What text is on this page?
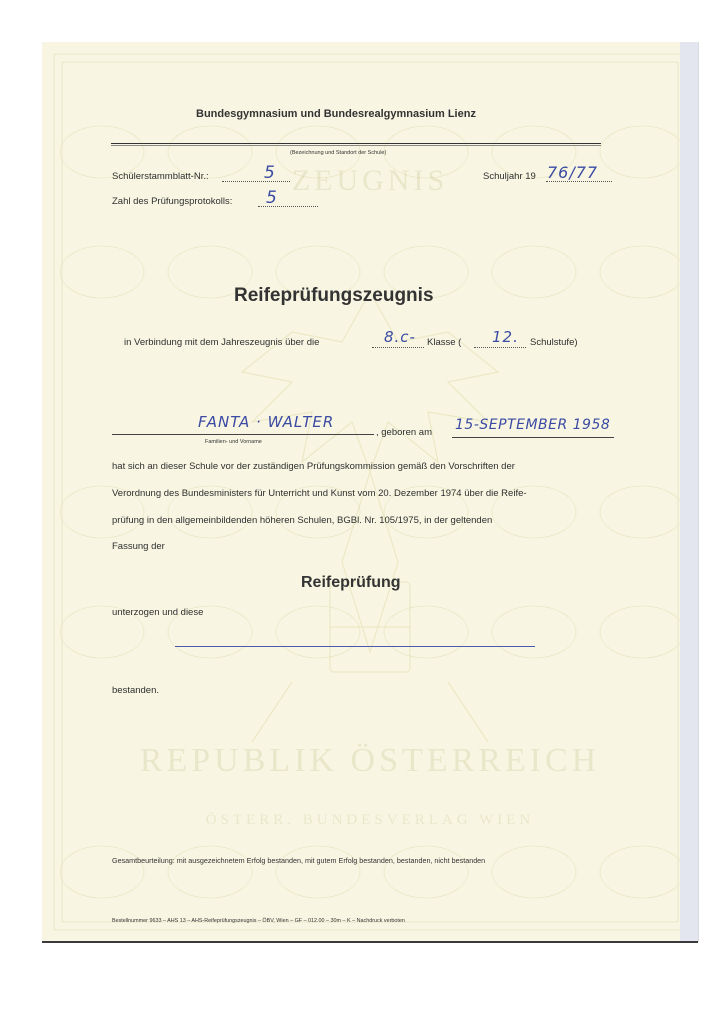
ZEUGNIS
REPUBLIK ÖSTERREICH
ÖSTERR. BUNDESVERLAG WIEN
Bundesgymnasium und Bundesrealgymnasium Lienz
(Bezeichnung und Standort der Schule)
Schülerstammblatt-Nr.:	5	Schuljahr 19 76/77
Zahl des Prüfungsprotokolls: 5
Reifeprüfungszeugnis
in Verbindung mit dem Jahreszeugnis über die	8.c- Klasse ( 12. Schulstufe)
FANTA · WALTER
Familien- und Vorname
, geboren am 15-SEPTEMBER 1958
hat sich an dieser Schule vor der zuständigen Prüfungskommission gemäß den Vorschriften der
Verordnung des Bundesministers für Unterricht und Kunst vom 20. Dezember 1974 über die Reife-
prüfung in den allgemeinbildenden höheren Schulen, BGBl. Nr. 105/1975, in der geltenden
Fassung der
Reifeprüfung
unterzogen und diese
bestanden.
Gesamtbeurteilung: mit ausgezeichnetem Erfolg bestanden, mit gutem Erfolg bestanden, bestanden, nicht bestanden
Bestellnummer 9633 – AHS 13 – AHS-Reifeprüfungszeugnis – ÖBV, Wien – GF – 012.00 – 30m – K – Nachdruck verboten
